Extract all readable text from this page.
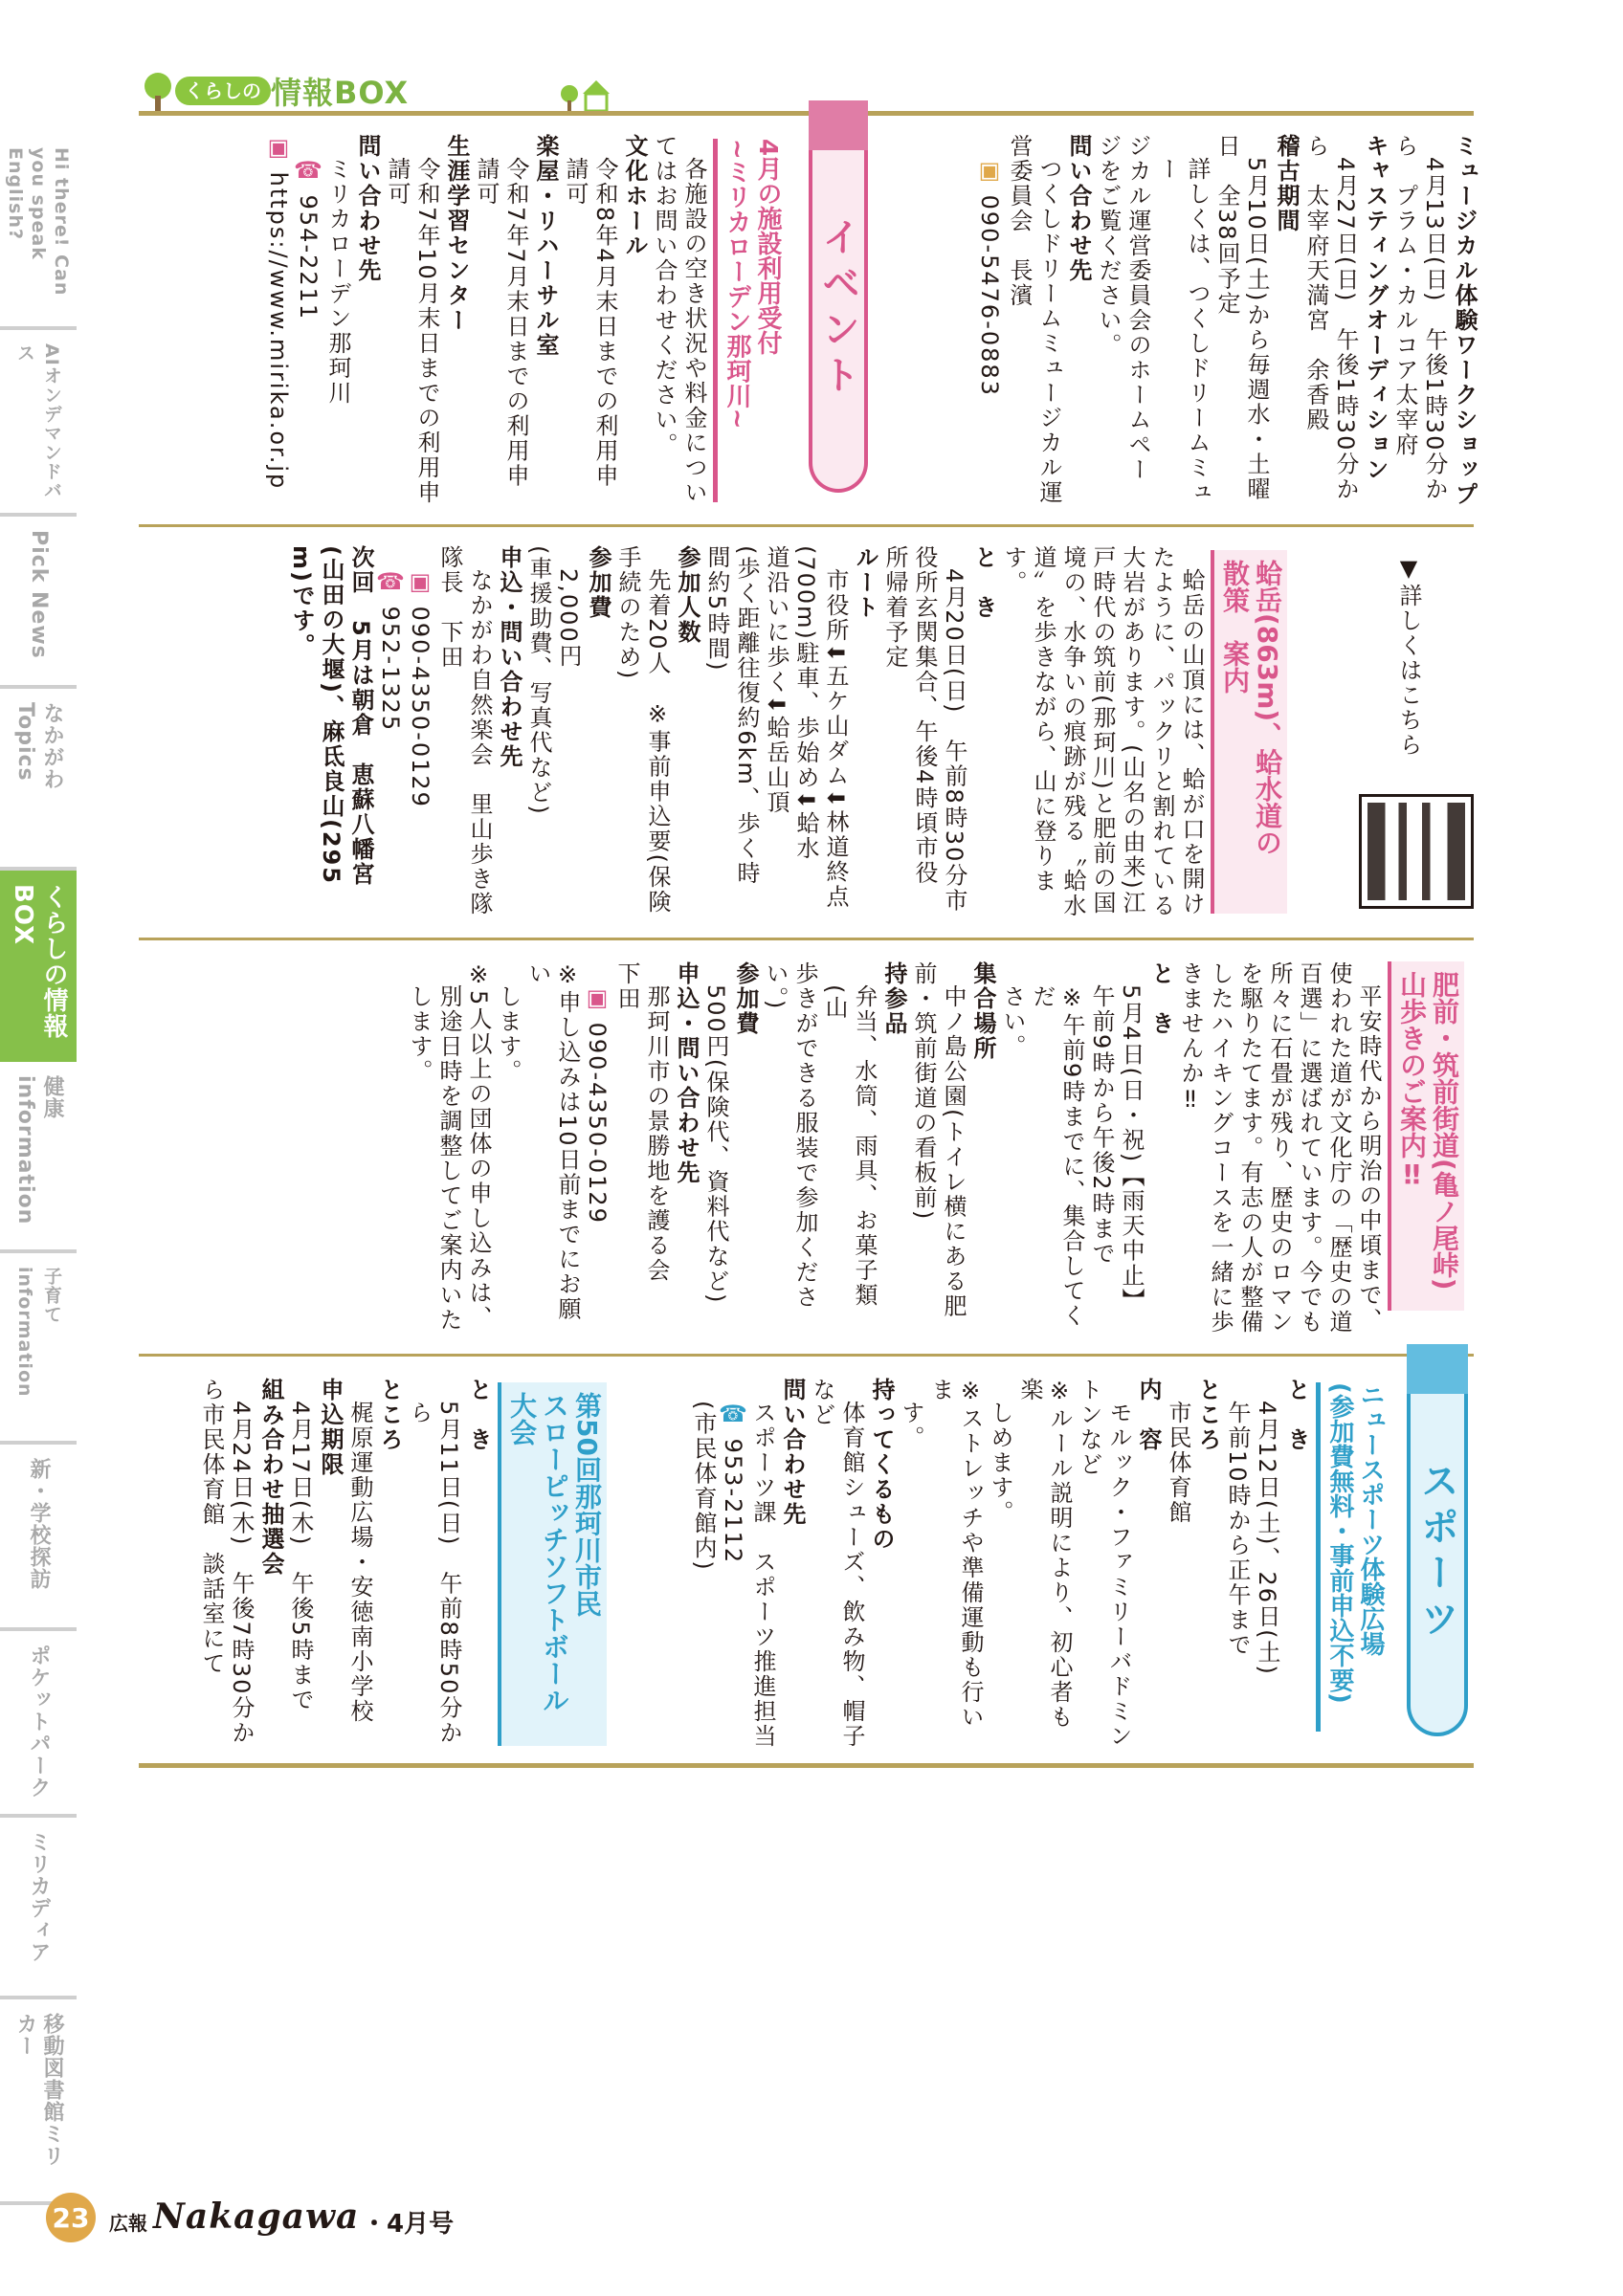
くらしの 情報BOX
Hi there! Can you speak English?
AIオンデマンドバス
Pick News
なかがわTopics
くらしの情報BOX
健康information
子育てinformation
新・学校探訪
ポケットパーク
ミリカディア
移動図書館ミリカー
イベント	ミュージカル体験ワークショップ
4月13日(日)　午後1時30分か
ら　プラム・カルコア太宰府
キャスティングオーディション
4月27日(日)　午後1時30分か
ら　太宰府天満宮　余香殿
稽古期間
5月10日(土)から毎週水・土曜
日　全38回予定
詳しくは、つくしドリームミュー
ジカル運営委員会のホームペー
ジをご覧ください。
問い合わせ先
つくしドリームミュージカル運
営委員会　長濱
▣ 090-5476-0883
4月の施設利用受付
~ミリカローデン那珂川~
各施設の空き状況や料金につい
てはお問い合わせください。
文化ホール
令和8年4月末日までの利用申
請可
楽屋・リハーサル室
令和7年7月末日までの利用申
請可
生涯学習センター
令和7年10月末日までの利用申
請可
問い合わせ先
ミリカローデン那珂川
☎ 954-2211
▣ https://www.mirika.or.jp
▼詳しくはこちら
蛤岳(863m)、蛤水道の
散策　案内
蛤岳の山頂には、蛤が口を開け
たように、パックリと割れている
大岩があります。(山名の由来)江
戸時代の筑前(那珂川)と肥前の国
境の、水争いの痕跡が残る〝蛤水
道〟を歩きながら、山に登ります。
と　き
4月20日(日)　午前8時30分市
役所玄関集合、午後4時頃市役
所帰着予定
ルート
市役所⬇五ケ山ダム⬇林道終点
(700m)駐車、歩始め⬇蛤水
道沿いに歩く⬇蛤岳山頂
(歩く距離往復約6km、歩く時
間約5時間)
参加人数
先着20人　※事前申込要(保険
手続のため)
参加費
2,000円
(車援助費、写真代など)
申込・問い合わせ先
なかがわ自然楽会　里山歩き隊
隊長　下田
▣ 090-4350-0129
☎ 952-1325
次回　5月は朝倉　恵蘇八幡宮
(山田の大堰)、麻氐良山(295
m)です。
肥前・筑前街道(亀ノ尾峠)
山歩きのご案内‼
平安時代から明治の中頃まで、
使われた道が文化庁の「歴史の道
百選」に選ばれています。今でも
所々に石畳が残り、歴史のロマン
を駆りたてます。有志の人が整備
したハイキングコースを一緒に歩
きませんか‼
と　き
5月4日(日・祝)【雨天中止】
午前9時から午後2時まで
※午前9時までに、集合してくだ
さい。
集合場所
中ノ島公園(トイレ横にある肥
前・筑前街道の看板前)
持参品
弁当、水筒、雨具、お菓子類(山
歩きができる服装で参加くださ
い。)
参加費
500円(保険代、資料代など)
申込・問い合わせ先
那珂川市の景勝地を護る会
下田
▣ 090-4350-0129
※申し込みは10日前までにお願い
します。
※5人以上の団体の申し込みは、
別途日時を調整してご案内いた
します。
スポーツ
ニュースポーツ体験広場
(参加費無料・事前申込不要)
と　き
4月12日(土)、26日(土)
午前10時から正午まで
ところ
市民体育館
内　容
モルック・ファミリーバドミン
トンなど
※ルール説明により、初心者も楽
しめます。
※ストレッチや準備運動も行いま
す。
持ってくるもの
体育館シューズ、飲み物、帽子
など
問い合わせ先
スポーツ課　スポーツ推進担当
☎ 953-2112
(市民体育館内)
第50回那珂川市民
スローピッチソフトボール大会
と　き
5月11日(日)　午前8時50分か
ら
ところ
梶原運動広場・安徳南小学校
申込期限
4月17日(木)　午後5時まで
組み合わせ抽選会
4月24日(木)　午後7時30分か
ら市民体育館　談話室にて
23	広報 Nakagawa ・4月号
